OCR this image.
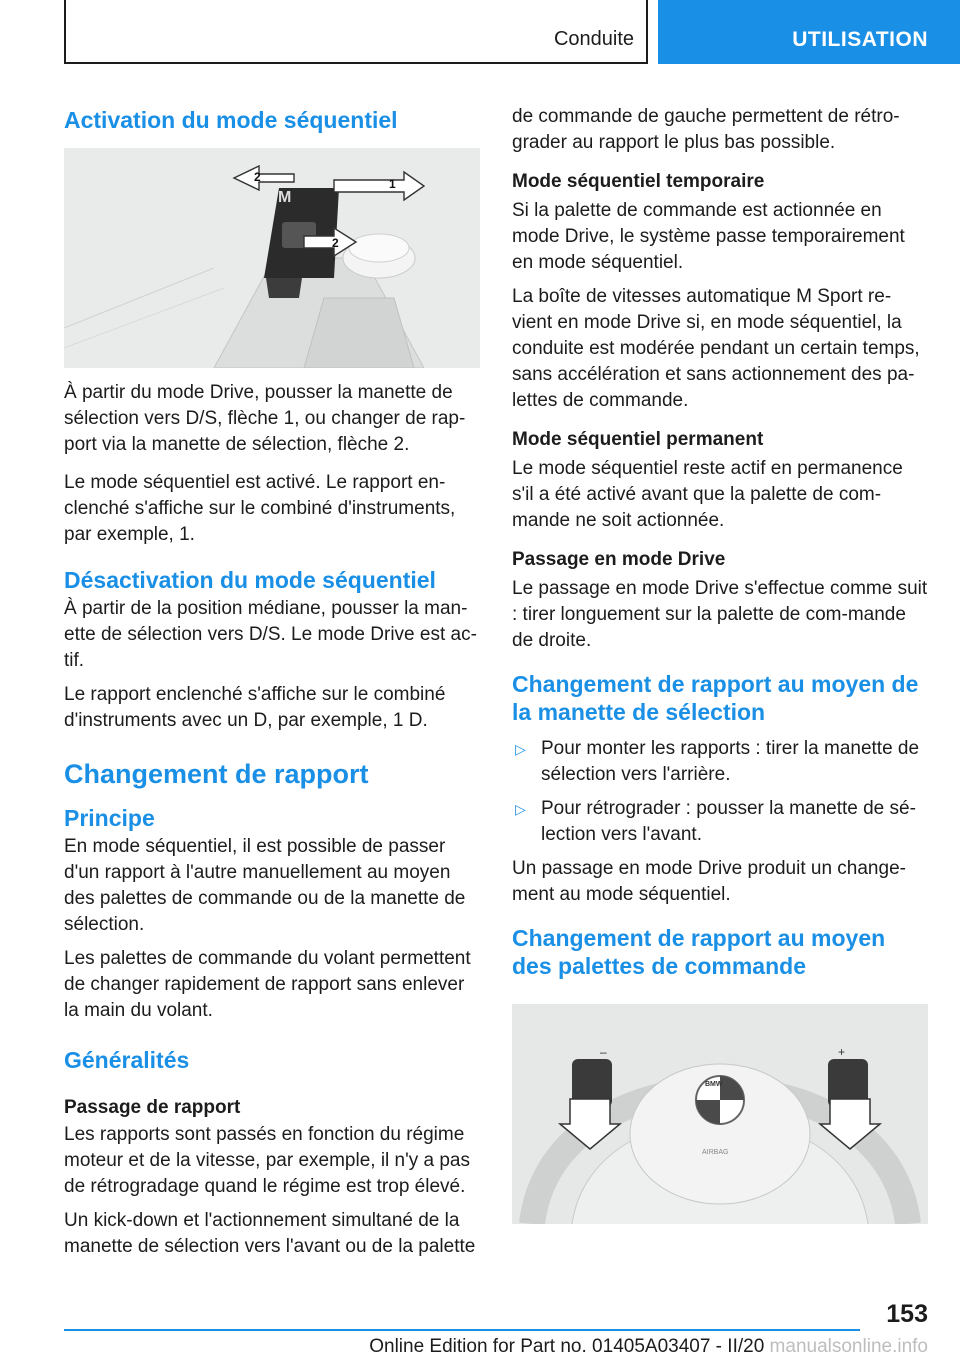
Conduite	UTILISATION
Activation du mode séquentiel
M
1
2
2

À partir du mode Drive, pousser la manette de sélection vers D/S, flèche 1, ou changer de rap‐port via la manette de sélection, flèche 2.

Le mode séquentiel est activé. Le rapport en‐clenché s'affiche sur le combiné d'instruments, par exemple, 1.

Désactivation du mode séquentiel

À partir de la position médiane, pousser la man‐ette de sélection vers D/S. Le mode Drive est ac‐tif.

Le rapport enclenché s'affiche sur le combiné d'instruments avec un D, par exemple, 1 D.

Changement de rapport
Principe

En mode séquentiel, il est possible de passer d'un rapport à l'autre manuellement au moyen des palettes de commande ou de la manette de sélection.

Les palettes de commande du volant permettent de changer rapidement de rapport sans enlever la main du volant.

Généralités
Passage de rapport

Les rapports sont passés en fonction du régime moteur et de la vitesse, par exemple, il n'y a pas de rétrogradage quand le régime est trop élevé.

Un kick-down et l'actionnement simultané de la manette de sélection vers l'avant ou de la palette

de commande de gauche permettent de rétro‐grader au rapport le plus bas possible.

Mode séquentiel temporaire

Si la palette de commande est actionnée en mode Drive, le système passe temporairement en mode séquentiel.

La boîte de vitesses automatique M Sport re‐vient en mode Drive si, en mode séquentiel, la conduite est modérée pendant un certain temps, sans accélération et sans actionnement des pa‐lettes de commande.

Mode séquentiel permanent

Le mode séquentiel reste actif en permanence s'il a été activé avant que la palette de com‐mande ne soit actionnée.

Passage en mode Drive

Le passage en mode Drive s'effectue comme suit : tirer longuement sur la palette de com‐mande de droite.

Changement de rapport au moyen de la manette de sélection
▷ Pour monter les rapports : tirer la manette de sélection vers l'arrière.
▷ Pour rétrograder : pousser la manette de sé‐lection vers l'avant.

Un passage en mode Drive produit un change‐ment au mode séquentiel.

Changement de rapport au moyen des palettes de commande
BMW
AIRBAG
–	+
153
Online Edition for Part no. 01405A03407 - II/20 manualsonline.info
